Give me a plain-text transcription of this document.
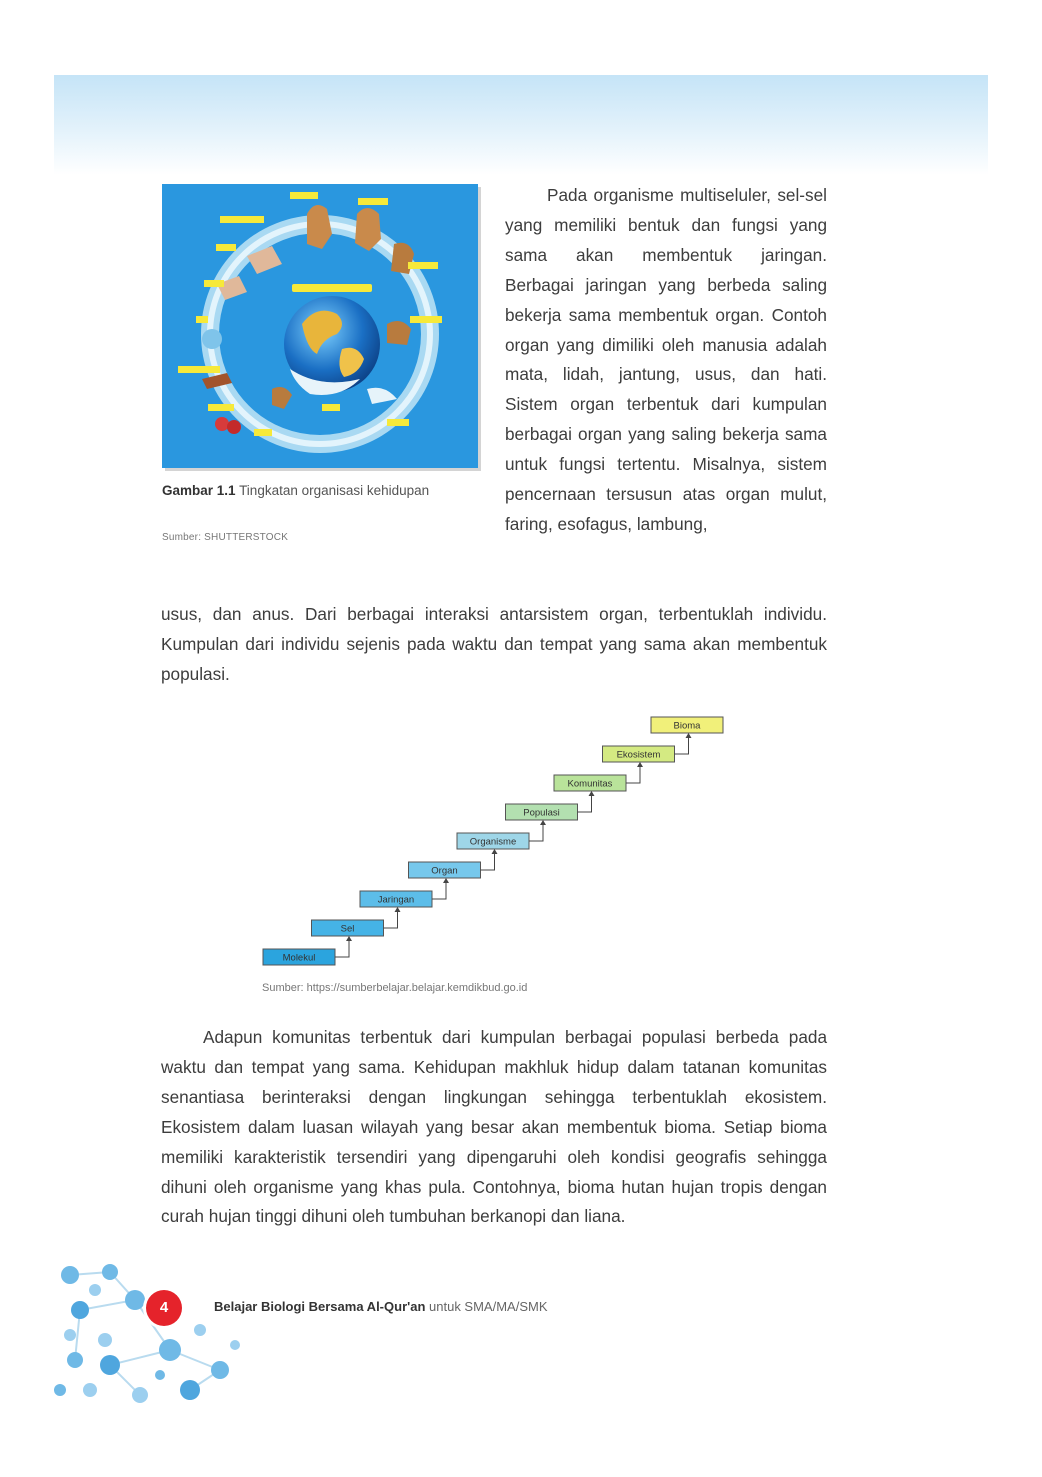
Gambar 1.1 Tingkatan organisasi kehidupan
Sumber: SHUTTERSTOCK

Pada organisme multiseluler, sel-sel yang memiliki bentuk dan fungsi yang sama akan membentuk jaringan. Berbagai jaringan yang berbeda saling bekerja sama membentuk organ. Contoh organ yang dimiliki oleh manusia adalah mata, lidah, jantung, usus, dan hati. Sistem organ terbentuk dari kumpulan berbagai organ yang saling bekerja sama untuk fungsi tertentu. Misalnya, sistem pencernaan tersusun atas organ mulut, faring, esofagus, lambung,

usus, dan anus. Dari berbagai interaksi antarsistem organ, terbentuklah individu. Kumpulan dari individu sejenis pada waktu dan tempat yang sama akan membentuk populasi.

Molekul
Sel
Jaringan
Organ
Organisme
Populasi
Komunitas
Ekosistem
Bioma
Sumber: https://sumberbelajar.belajar.kemdikbud.go.id

Adapun komunitas terbentuk dari kumpulan berbagai populasi berbeda pada waktu dan tempat yang sama. Kehidupan makhluk hidup dalam tatanan komunitas senantiasa berinteraksi dengan lingkungan sehingga terbentuklah ekosistem. Ekosistem dalam luasan wilayah yang besar akan membentuk bioma. Setiap bioma memiliki karakteristik tersendiri yang dipengaruhi oleh kondisi geografis sehingga dihuni oleh organisme yang khas pula. Contohnya, bioma hutan hujan tropis dengan curah hujan tinggi dihuni oleh tumbuhan berkanopi dan liana.

4	Belajar Biologi Bersama Al-Qur'an untuk SMA/MA/SMK
